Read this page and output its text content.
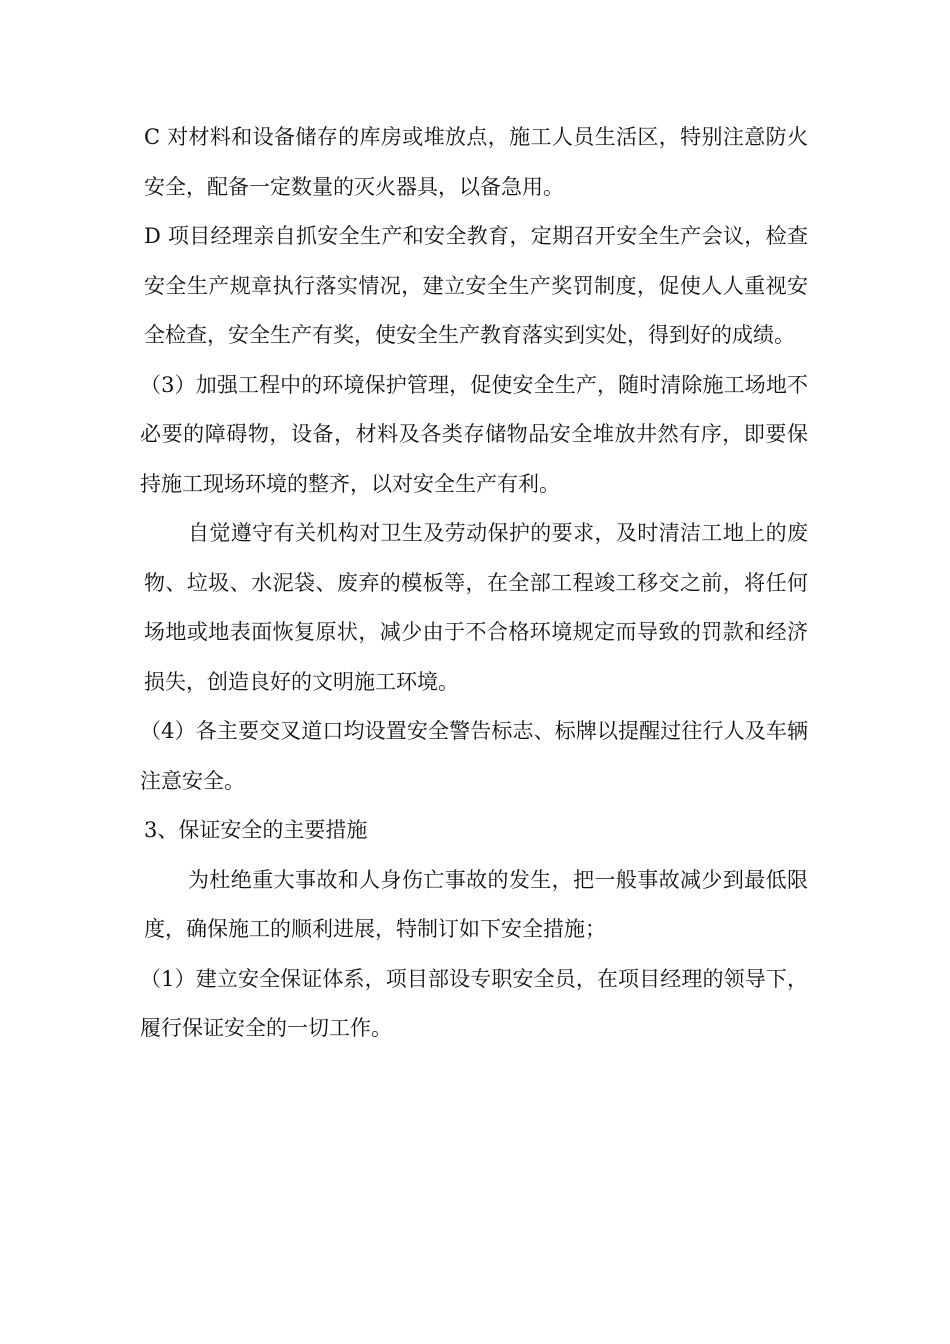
C 对材料和设备储存的库房或堆放点，施工人员生活区，特别注意防火安全，配备一定数量的灭火器具，以备急用。

D 项目经理亲自抓安全生产和安全教育，定期召开安全生产会议，检查安全生产规章执行落实情况，建立安全生产奖罚制度，促使人人重视安全检查，安全生产有奖，使安全生产教育落实到实处，得到好的成绩。

（3）加强工程中的环境保护管理，促使安全生产，随时清除施工场地不必要的障碍物，设备，材料及各类存储物品安全堆放井然有序，即要保持施工现场环境的整齐，以对安全生产有利。

自觉遵守有关机构对卫生及劳动保护的要求，及时清洁工地上的废物、垃圾、水泥袋、废弃的模板等，在全部工程竣工移交之前，将任何场地或地表面恢复原状，减少由于不合格环境规定而导致的罚款和经济损失，创造良好的文明施工环境。

（4）各主要交叉道口均设置安全警告标志、标牌以提醒过往行人及车辆注意安全。

3、保证安全的主要措施

为杜绝重大事故和人身伤亡事故的发生，把一般事故减少到最低限度，确保施工的顺利进展，特制订如下安全措施；

（1）建立安全保证体系，项目部设专职安全员，在项目经理的领导下，履行保证安全的一切工作。
